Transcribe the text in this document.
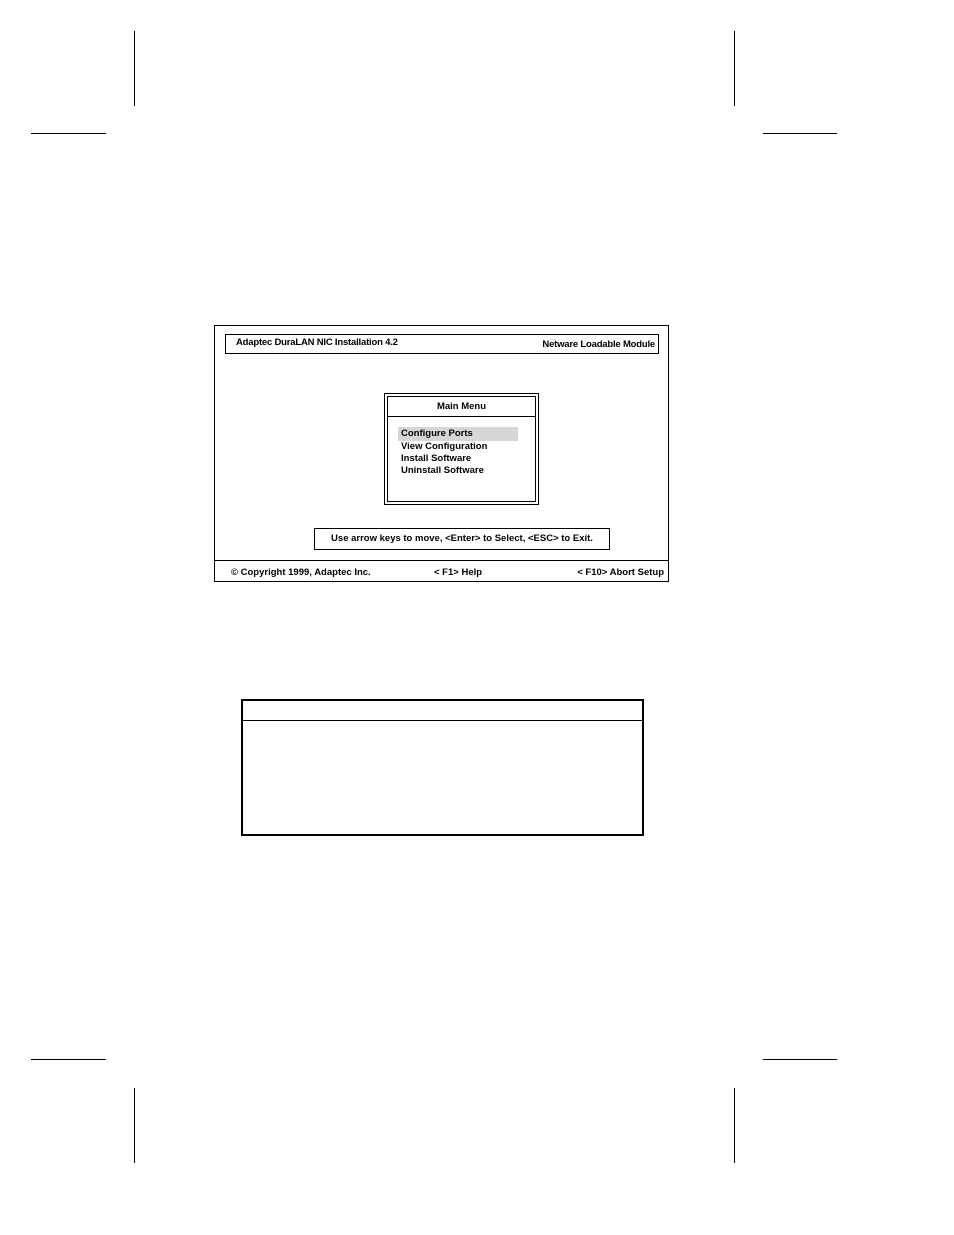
Adaptec DuraLAN NIC Installation 4.2	Netware Loadable Module
Main Menu
Configure Ports
View Configuration
Install Software
Uninstall Software
Use arrow keys to move, <Enter> to Select, <ESC> to Exit.
© Copyright 1999, Adaptec Inc.	< F1> Help	< F10> Abort Setup
